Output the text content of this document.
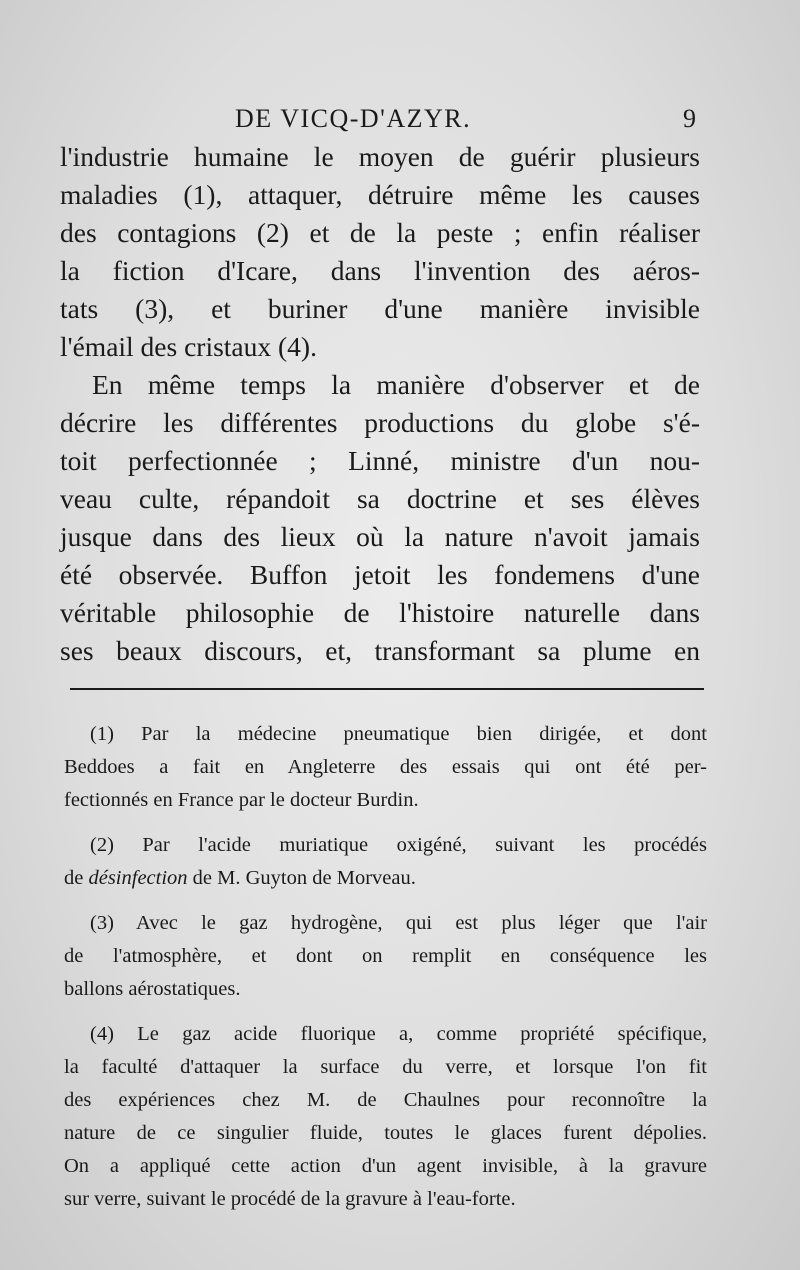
DE VICQ-D'AZYR.	9
l'industrie humaine le moyen de guérir plusieurs
maladies (1), attaquer, détruire même les causes
des contagions (2) et de la peste ; enfin réaliser
la fiction d'Icare, dans l'invention des aéros-
tats (3), et buriner d'une manière invisible
l'émail des cristaux (4).
En même temps la manière d'observer et de
décrire les différentes productions du globe s'é-
toit perfectionnée ; Linné, ministre d'un nou-
veau culte, répandoit sa doctrine et ses élèves
jusque dans des lieux où la nature n'avoit jamais
été observée. Buffon jetoit les fondemens d'une
véritable philosophie de l'histoire naturelle dans
ses beaux discours, et, transformant sa plume en
(1) Par la médecine pneumatique bien dirigée, et dont
Beddoes a fait en Angleterre des essais qui ont été per-
fectionnés en France par le docteur Burdin.
(2) Par l'acide muriatique oxigéné, suivant les procédés
de désinfection de M. Guyton de Morveau.
(3) Avec le gaz hydrogène, qui est plus léger que l'air
de l'atmosphère, et dont on remplit en conséquence les
ballons aérostatiques.
(4) Le gaz acide fluorique a, comme propriété spécifique,
la faculté d'attaquer la surface du verre, et lorsque l'on fit
des expériences chez M. de Chaulnes pour reconnoître la
nature de ce singulier fluide, toutes le glaces furent dépolies.
On a appliqué cette action d'un agent invisible, à la gravure
sur verre, suivant le procédé de la gravure à l'eau-forte.
